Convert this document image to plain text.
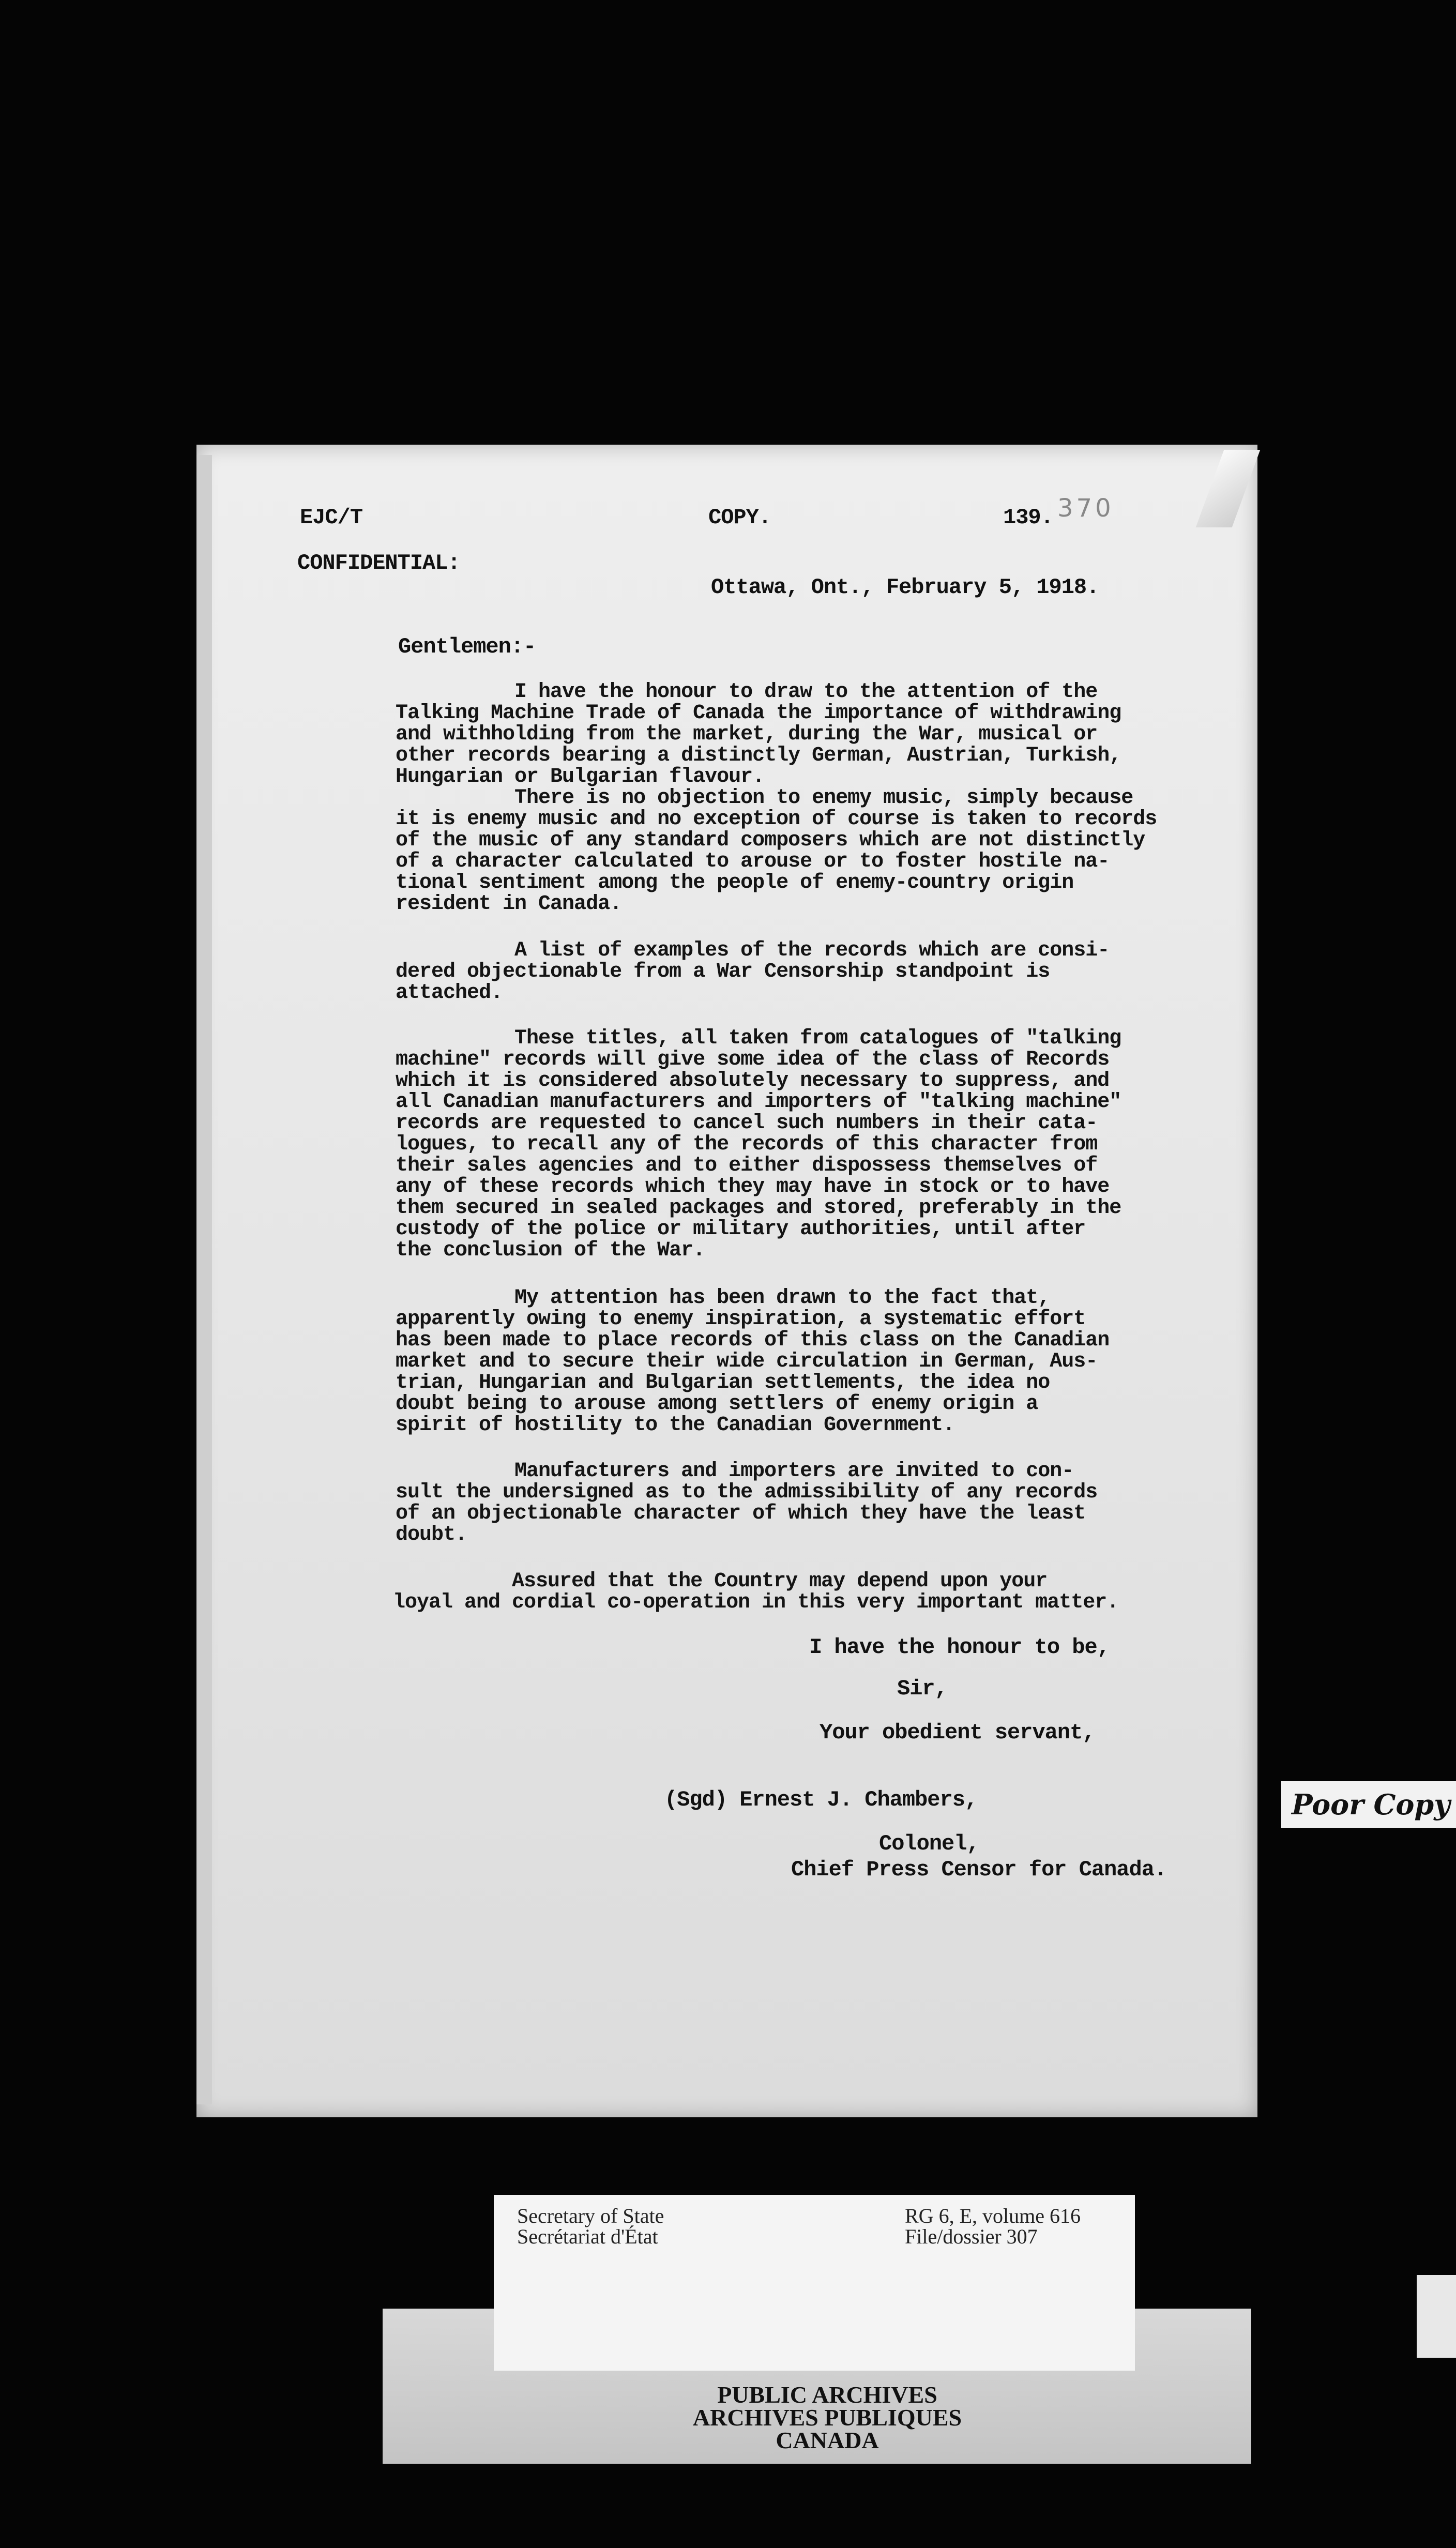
EJC/T	COPY.	139. 370
CONFIDENTIAL:
Ottawa, Ont., February 5, 1918.
Gentlemen:-
I have the honour to draw to the attention of the
Talking Machine Trade of Canada the importance of withdrawing
and withholding from the market, during the War, musical or
other records bearing a distinctly German, Austrian, Turkish,
Hungarian or Bulgarian flavour.
There is no objection to enemy music, simply because
it is enemy music and no exception of course is taken to records
of the music of any standard composers which are not distinctly
of a character calculated to arouse or to foster hostile na-
tional sentiment among the people of enemy-country origin
resident in Canada.
A list of examples of the records which are consi-
dered objectionable from a War Censorship standpoint is
attached.
These titles, all taken from catalogues of "talking
machine" records will give some idea of the class of Records
which it is considered absolutely necessary to suppress, and
all Canadian manufacturers and importers of "talking machine"
records are requested to cancel such numbers in their cata-
logues, to recall any of the records of this character from
their sales agencies and to either dispossess themselves of
any of these records which they may have in stock or to have
them secured in sealed packages and stored, preferably in the
custody of the police or military authorities, until after
the conclusion of the War.
My attention has been drawn to the fact that,
apparently owing to enemy inspiration, a systematic effort
has been made to place records of this class on the Canadian
market and to secure their wide circulation in German, Aus-
trian, Hungarian and Bulgarian settlements, the idea no
doubt being to arouse among settlers of enemy origin a
spirit of hostility to the Canadian Government.
Manufacturers and importers are invited to con-
sult the undersigned as to the admissibility of any records
of an objectionable character of which they have the least
doubt.
Assured that the Country may depend upon your
loyal and cordial co-operation in this very important matter.
I have the honour to be,
Sir,
Your obedient servant,
(Sgd) Ernest J. Chambers,
Colonel,
Chief Press Censor for Canada.
Poor Copy
Secretary of State
Secrétariat d'État
RG 6, E, volume 616
File/dossier 307
PUBLIC ARCHIVES
ARCHIVES PUBLIQUES
CANADA
